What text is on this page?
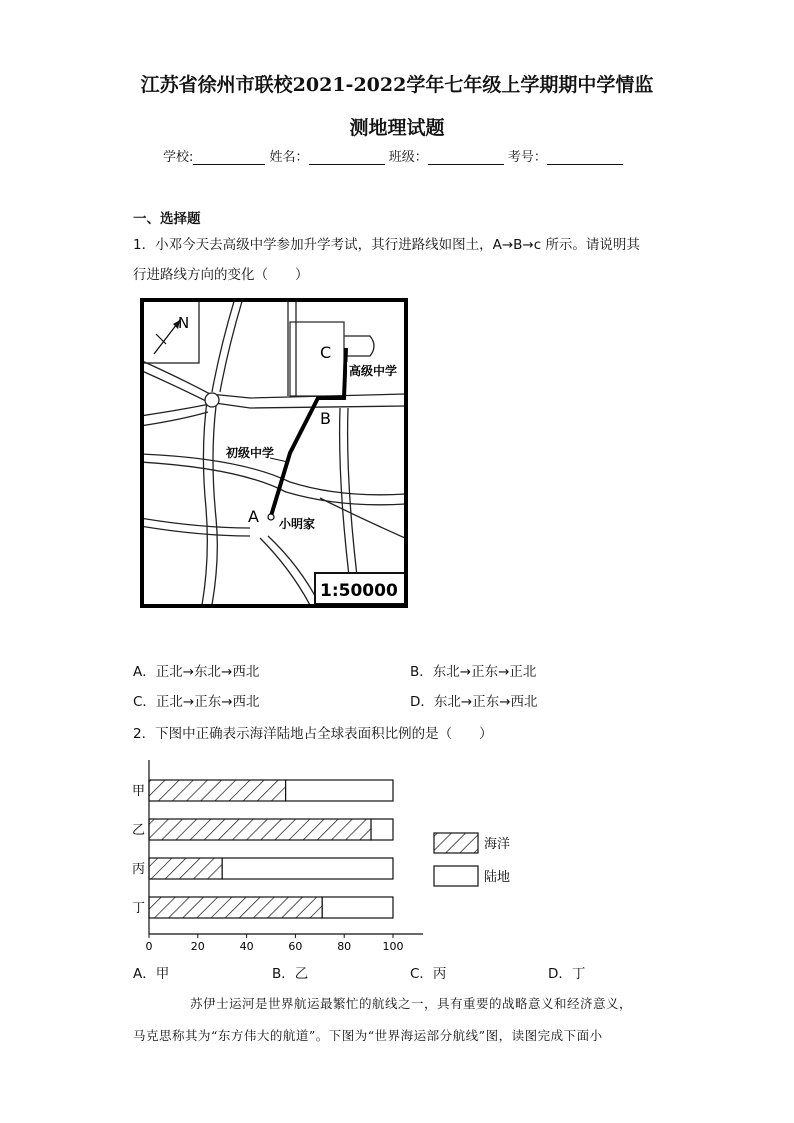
江苏省徐州市联校2021-2022学年七年级上学期期中学情监
测地理试题
学校:	姓名：	班级：	考号：
一、选择题
1．小邓今天去高级中学参加升学考试，其行进路线如图土，A→B→c 所示。请说明其
行进路线方向的变化（　　）
N
C
B
A
高级中学
初级中学
小明家
1:50000
A．正北→东北→西北	B．东北→正东→正北
C．正北→正东→西北	D．东北→正东→西北
2．下图中正确表示海洋陆地占全球表面积比例的是（　　）
甲
乙
丙
丁
0	20	40	60	80	100
海洋
陆地
A．甲	B．乙	C．丙	D．丁
苏伊士运河是世界航运最繁忙的航线之一，具有重要的战略意义和经济意义，
马克思称其为“东方伟大的航道”。下图为“世界海运部分航线”图，读图完成下面小
